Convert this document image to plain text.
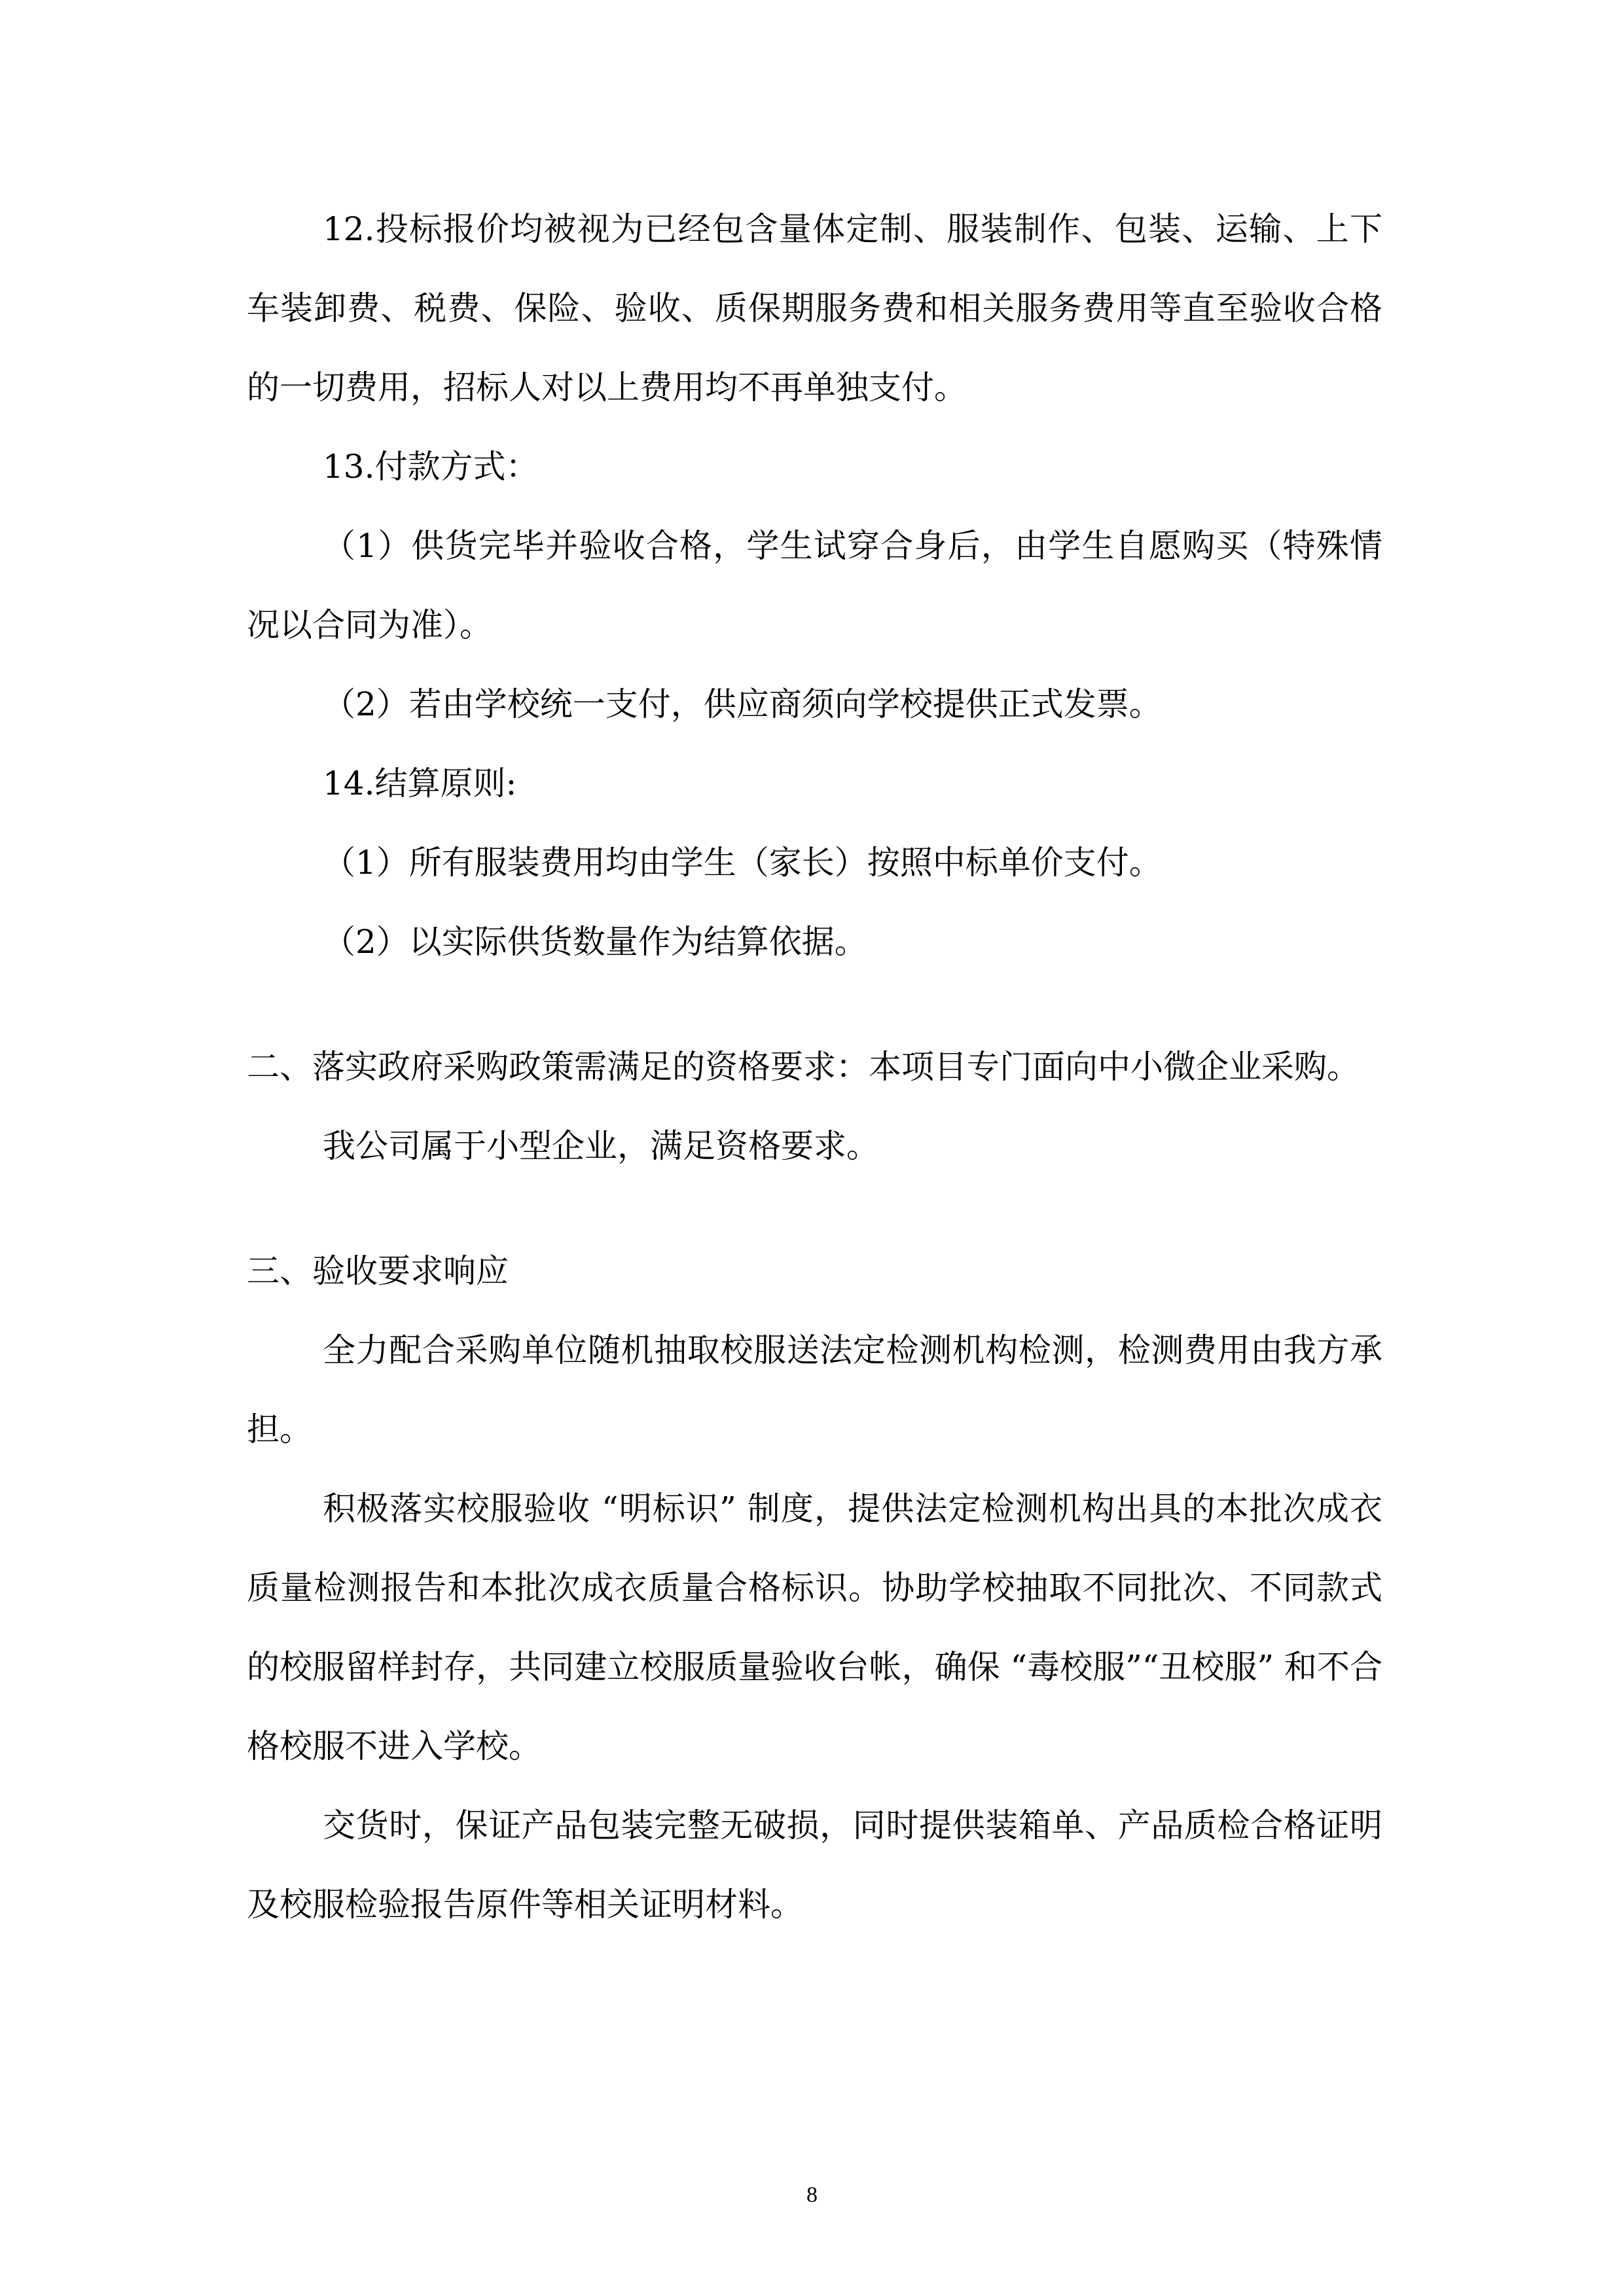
12.投标报价均被视为已经包含量体定制、服装制作、包装、运输、上下车装卸费、税费、保险、验收、质保期服务费和相关服务费用等直至验收合格的一切费用，招标人对以上费用均不再单独支付。

13.付款方式：

（1）供货完毕并验收合格，学生试穿合身后，由学生自愿购买（特殊情况以合同为准）。

（2）若由学校统一支付，供应商须向学校提供正式发票。

14.结算原则:

（1）所有服装费用均由学生（家长）按照中标单价支付。

（2）以实际供货数量作为结算依据。

二、落实政府采购政策需满足的资格要求：本项目专门面向中小微企业采购。

我公司属于小型企业，满足资格要求。

三、验收要求响应

全力配合采购单位随机抽取校服送法定检测机构检测，检测费用由我方承担。

积极落实校服验收 “明标识” 制度，提供法定检测机构出具的本批次成衣质量检测报告和本批次成衣质量合格标识。协助学校抽取不同批次、不同款式的校服留样封存，共同建立校服质量验收台帐，确保 “毒校服”“丑校服” 和不合格校服不进入学校。

交货时，保证产品包装完整无破损，同时提供装箱单、产品质检合格证明及校服检验报告原件等相关证明材料。

8
